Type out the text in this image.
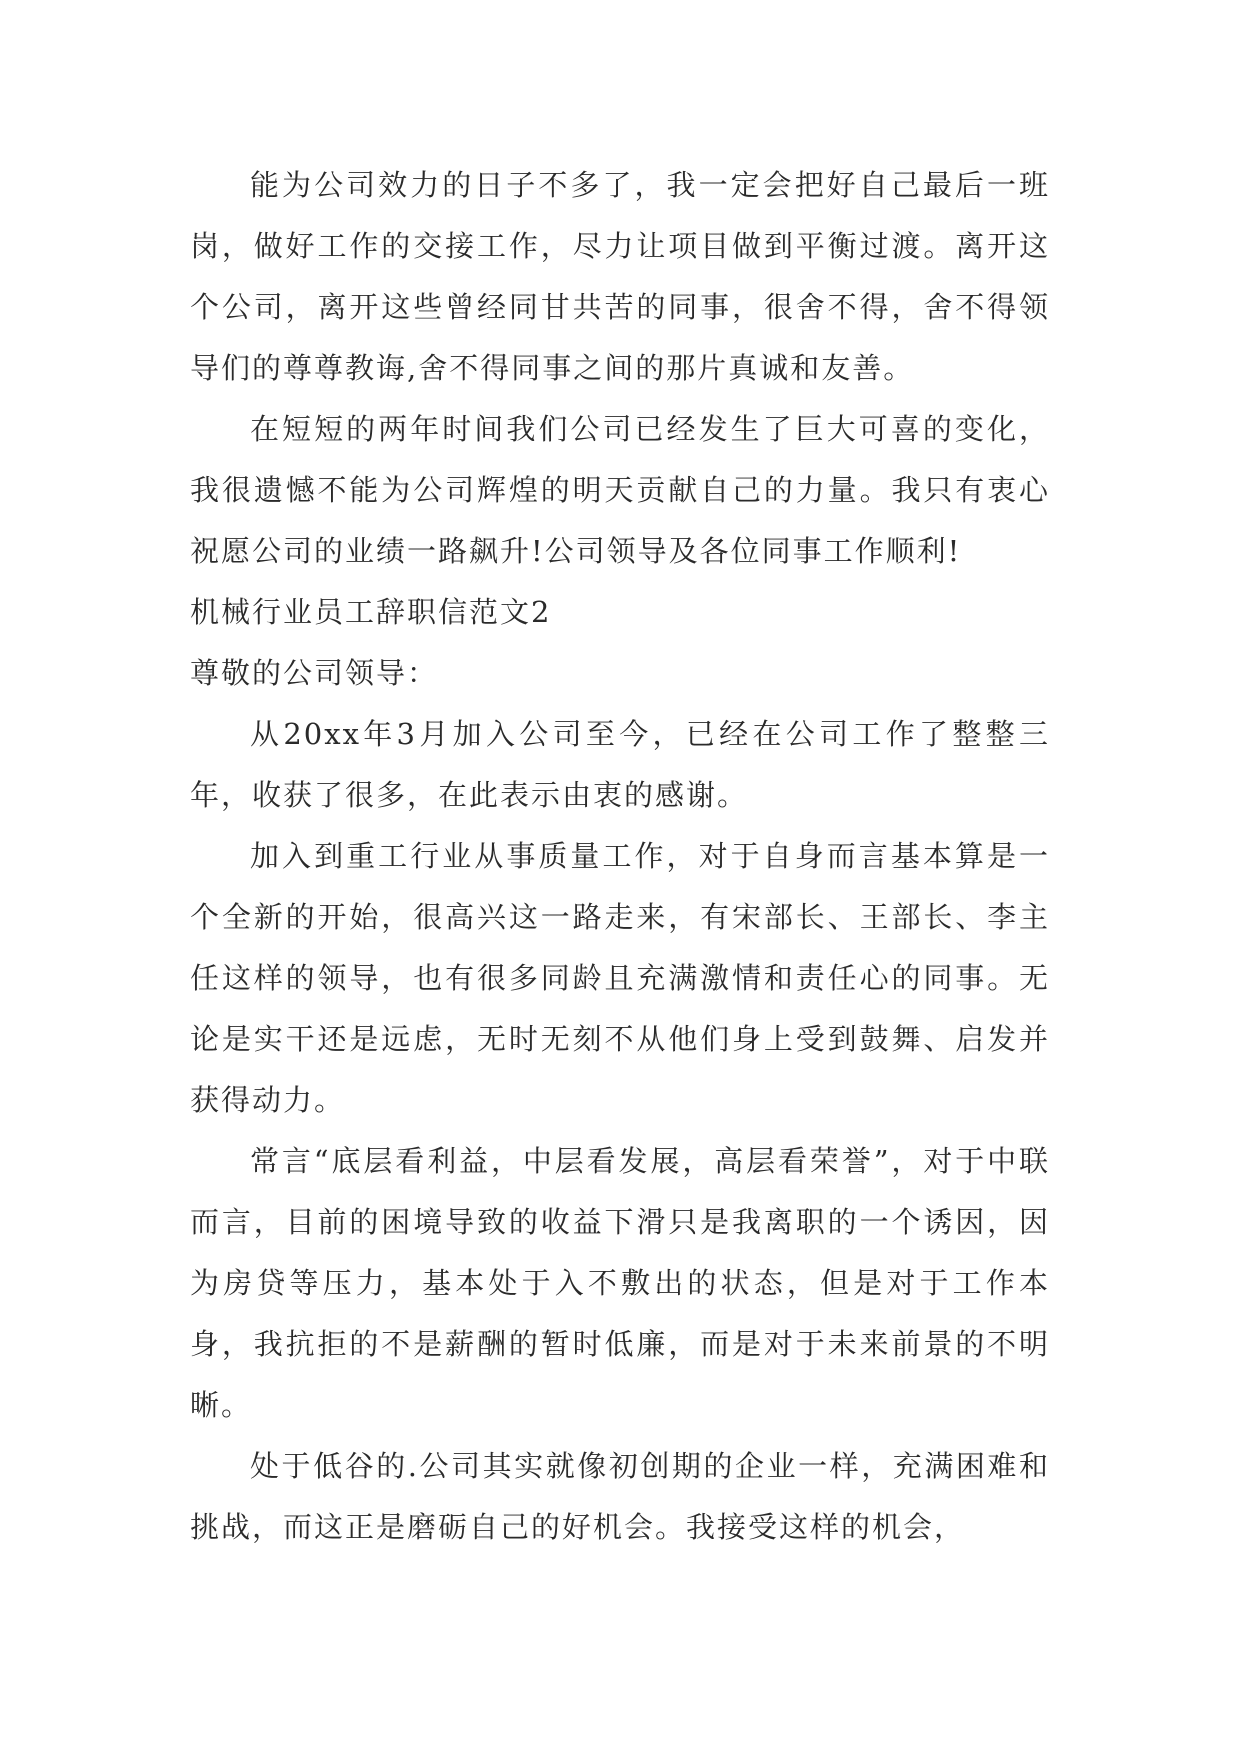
能为公司效力的日子不多了，我一定会把好自己最后一班岗，做好工作的交接工作，尽力让项目做到平衡过渡。离开这个公司，离开这些曾经同甘共苦的同事，很舍不得，舍不得领导们的尊尊教诲,舍不得同事之间的那片真诚和友善。

在短短的两年时间我们公司已经发生了巨大可喜的变化，我很遗憾不能为公司辉煌的明天贡献自己的力量。我只有衷心祝愿公司的业绩一路飙升!公司领导及各位同事工作顺利!

机械行业员工辞职信范文2

尊敬的公司领导：

从20xx年3月加入公司至今，已经在公司工作了整整三年，收获了很多，在此表示由衷的感谢。

加入到重工行业从事质量工作，对于自身而言基本算是一个全新的开始，很高兴这一路走来，有宋部长、王部长、李主任这样的领导，也有很多同龄且充满激情和责任心的同事。无论是实干还是远虑，无时无刻不从他们身上受到鼓舞、启发并获得动力。

常言“底层看利益，中层看发展，高层看荣誉”，对于中联而言，目前的困境导致的收益下滑只是我离职的一个诱因，因为房贷等压力，基本处于入不敷出的状态，但是对于工作本身，我抗拒的不是薪酬的暂时低廉，而是对于未来前景的不明晰。

处于低谷的.公司其实就像初创期的企业一样，充满困难和挑战，而这正是磨砺自己的好机会。我接受这样的机会，
